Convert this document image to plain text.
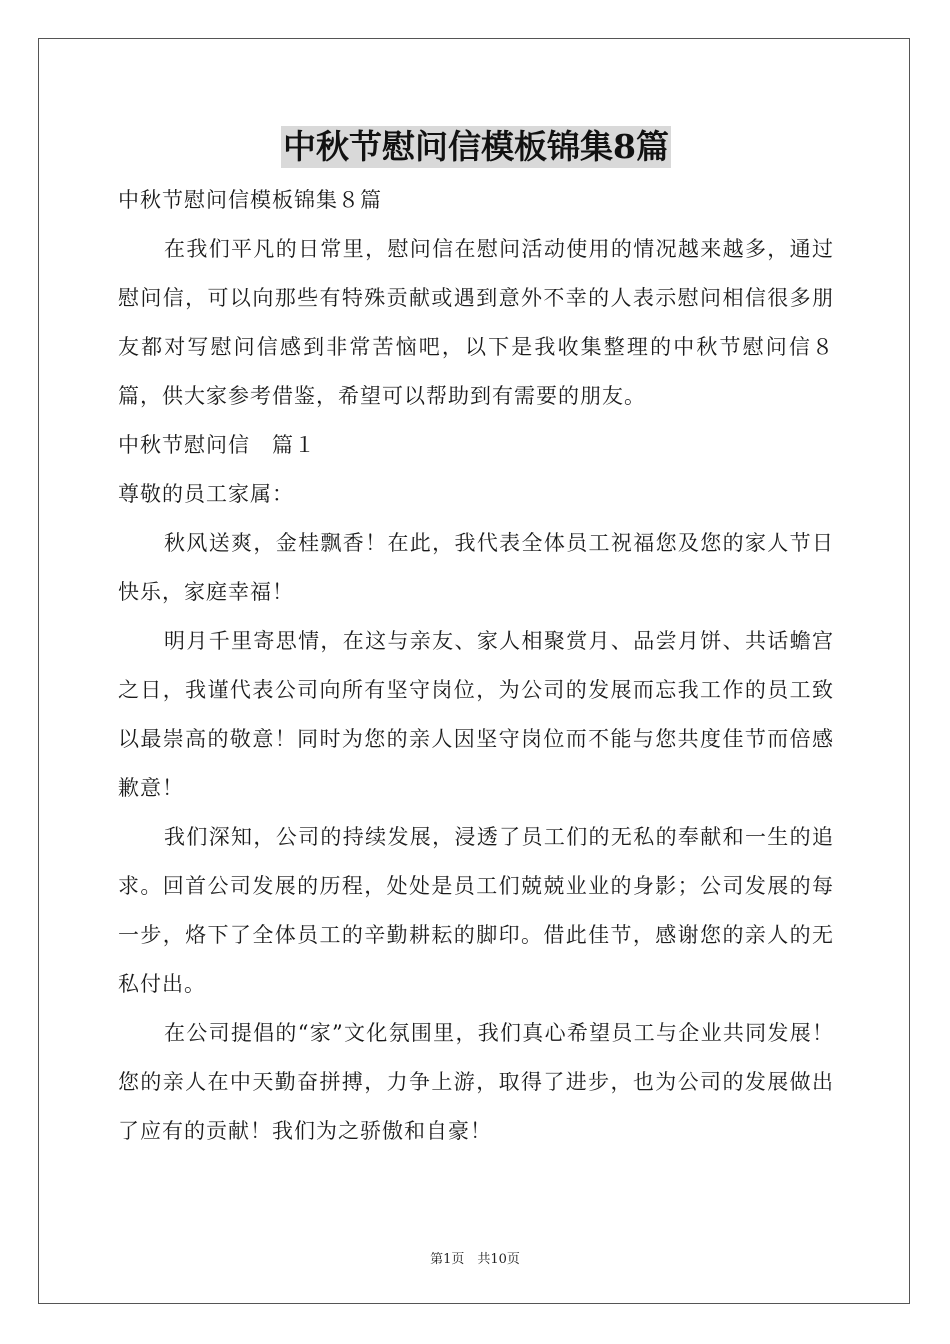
中秋节慰问信模板锦集8篇

中秋节慰问信模板锦集８篇

在我们平凡的日常里，慰问信在慰问活动使用的情况越来越多，通过慰问信，可以向那些有特殊贡献或遇到意外不幸的人表示慰问相信很多朋友都对写慰问信感到非常苦恼吧，以下是我收集整理的中秋节慰问信８篇，供大家参考借鉴，希望可以帮助到有需要的朋友。

中秋节慰问信　篇１

尊敬的员工家属：

秋风送爽，金桂飘香！在此，我代表全体员工祝福您及您的家人节日快乐，家庭幸福！

明月千里寄思情，在这与亲友、家人相聚赏月、品尝月饼、共话蟾宫之日，我谨代表公司向所有坚守岗位，为公司的发展而忘我工作的员工致以最崇高的敬意！同时为您的亲人因坚守岗位而不能与您共度佳节而倍感歉意！

我们深知，公司的持续发展，浸透了员工们的无私的奉献和一生的追求。回首公司发展的历程，处处是员工们兢兢业业的身影；公司发展的每一步，烙下了全体员工的辛勤耕耘的脚印。借此佳节，感谢您的亲人的无私付出。

在公司提倡的“家”文化氛围里，我们真心希望员工与企业共同发展！您的亲人在中天勤奋拼搏，力争上游，取得了进步，也为公司的发展做出了应有的贡献！我们为之骄傲和自豪！

第1页　共10页
